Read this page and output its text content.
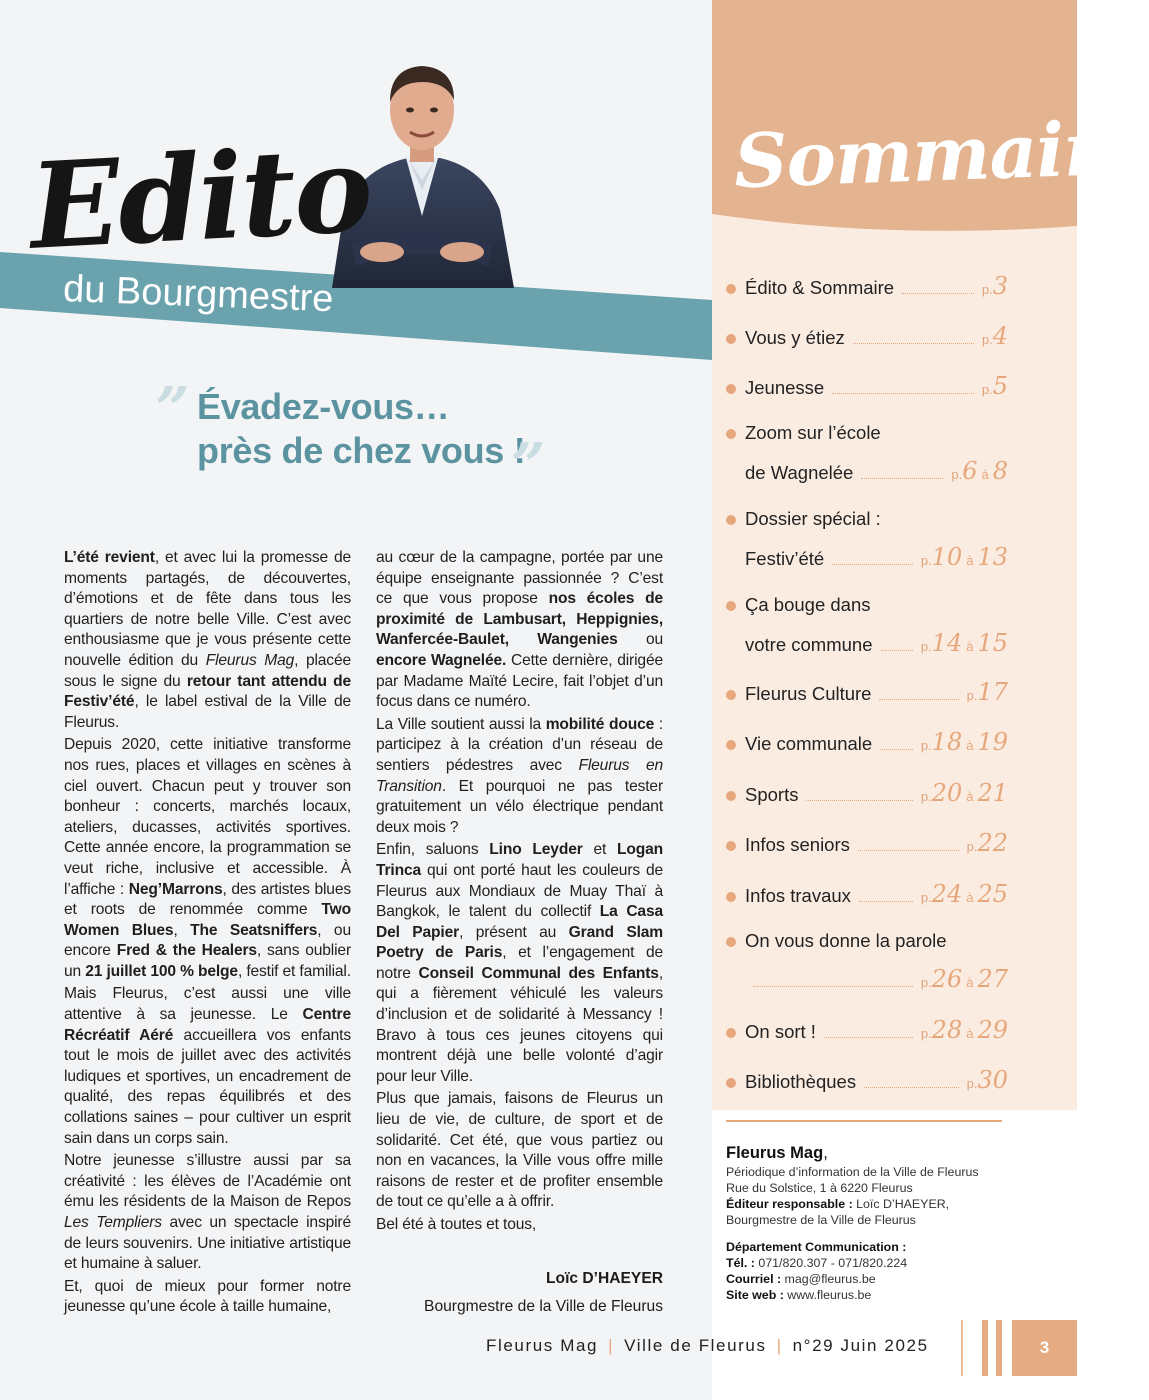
Edito
du Bourgmestre
” Évadez-vous…
près de chez vous !
”

L’été revient, et avec lui la promesse de moments partagés, de découvertes, d’émotions et de fête dans tous les quartiers de notre belle Ville. C’est avec enthousiasme que je vous présente cette nouvelle édition du Fleurus Mag, placée sous le signe du retour tant attendu de Festiv’été, le label estival de la Ville de Fleurus.

Depuis 2020, cette initiative transforme nos rues, places et villages en scènes à ciel ouvert. Chacun peut y trouver son bonheur : concerts, marchés locaux, ateliers, ducasses, activités sportives. Cette année encore, la programmation se veut riche, inclusive et accessible. À l’affiche : Neg’Marrons, des artistes blues et roots de renommée comme Two Women Blues, The Seatsniffers, ou encore Fred & the Healers, sans oublier un 21 juillet 100 % belge, festif et familial.

Mais Fleurus, c’est aussi une ville attentive à sa jeunesse. Le Centre Récréatif Aéré accueillera vos enfants tout le mois de juillet avec des activités ludiques et sportives, un encadrement de qualité, des repas équilibrés et des collations saines – pour cultiver un esprit sain dans un corps sain.

Notre jeunesse s’illustre aussi par sa créativité : les élèves de l’Académie ont ému les résidents de la Maison de Repos Les Templiers avec un spectacle inspiré de leurs souvenirs. Une initiative artistique et humaine à saluer.

Et, quoi de mieux pour former notre jeunesse qu’une école à taille humaine,

au cœur de la campagne, portée par une équipe enseignante passionnée ? C’est ce que vous propose nos écoles de proximité de Lambusart, Heppignies, Wanfercée-Baulet, Wangenies ou encore Wagnelée. Cette dernière, dirigée par Madame Maïté Lecire, fait l’objet d’un focus dans ce numéro.

La Ville soutient aussi la mobilité douce : participez à la création d’un réseau de sentiers pédestres avec Fleurus en Transition. Et pourquoi ne pas tester gratuitement un vélo électrique pendant deux mois ?

Enfin, saluons Lino Leyder et Logan Trinca qui ont porté haut les couleurs de Fleurus aux Mondiaux de Muay Thaï à Bangkok, le talent du collectif La Casa Del Papier, présent au Grand Slam Poetry de Paris, et l’engagement de notre Conseil Communal des Enfants, qui a fièrement véhiculé les valeurs d’inclusion et de solidarité à Messancy ! Bravo à tous ces jeunes citoyens qui montrent déjà une belle volonté d’agir pour leur Ville.

Plus que jamais, faisons de Fleurus un lieu de vie, de culture, de sport et de solidarité. Cet été, que vous partiez ou non en vacances, la Ville vous offre mille raisons de rester et de profiter ensemble de tout ce qu’elle a à offrir.

Bel été à toutes et tous,

Loïc D’HAEYER
Bourgmestre de la Ville de Fleurus
Fleurus Mag | Ville de Fleurus | n°29 Juin 2025	3
Sommaire
Édito & Sommaire	p.3
Vous y étiez	p.4
Jeunesse	p.5
Zoom sur l’école
de Wagnelée	p.6 à 8
Dossier spécial :
Festiv’été	p.10 à 13
Ça bouge dans
votre commune	p.14 à 15
Fleurus Culture	p.17
Vie communale	p.18 à 19
Sports	p.20 à 21
Infos seniors	p.22
Infos travaux	p.24 à 25
On vous donne la parole
p.26 à 27
On sort !	p.28 à 29
Bibliothèques	p.30
Fleurus Mag,
Périodique d’information de la Ville de Fleurus
Rue du Solstice, 1 à 6220 Fleurus
Éditeur responsable : Loïc D’HAEYER,
Bourgmestre de la Ville de Fleurus
Département Communication :
Tél. : 071/820.307 - 071/820.224
Courriel : mag@fleurus.be
Site web : www.fleurus.be
